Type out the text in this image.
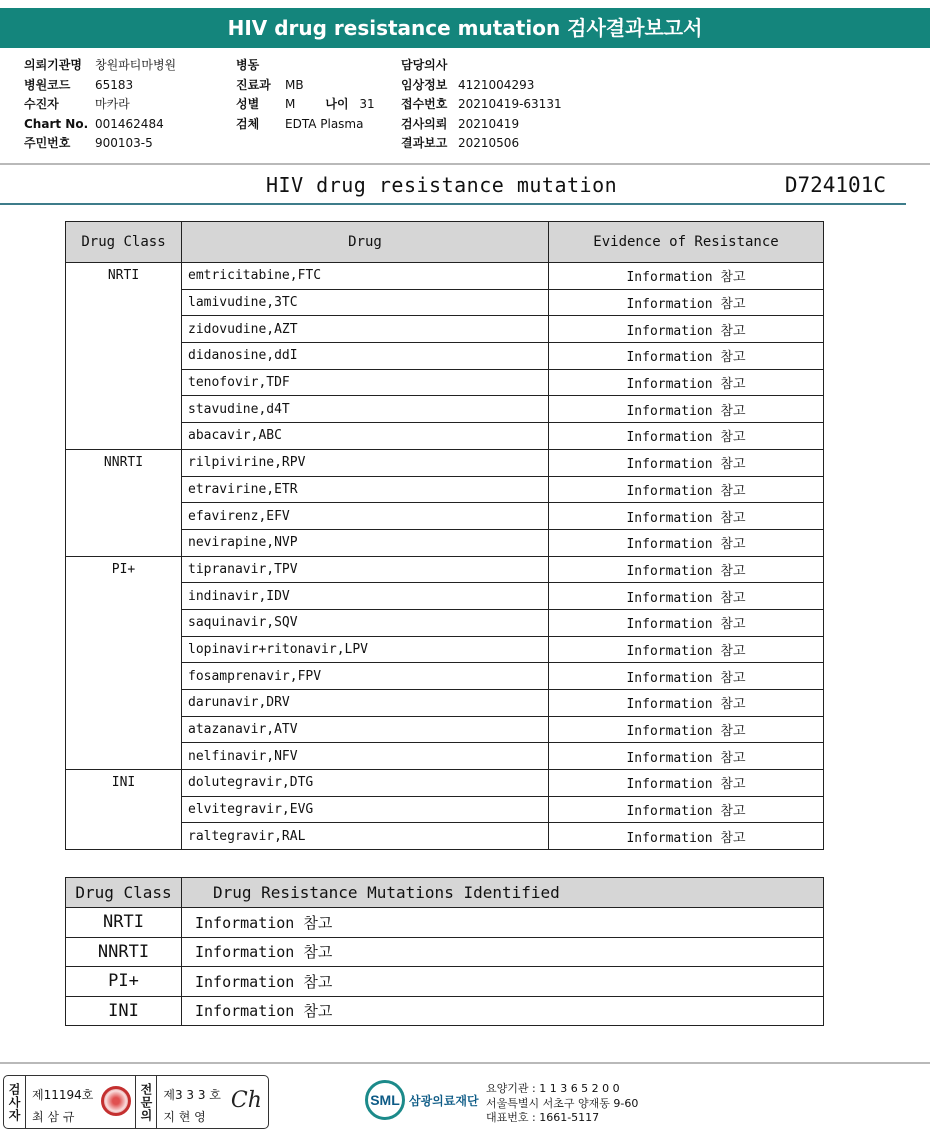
HIV drug resistance mutation 검사결과보고서
의뢰기관명	창원파티마병원
병원코드	65183
수진자	마카라
Chart No. 001462484
주민번호	900103-5
병동
진료과	MB
성별	M	나이 31
검체	EDTA Plasma
담당의사
임상정보 4121004293
접수번호 20210419-63131
검사의뢰 20210419
결과보고 20210506
HIV drug resistance mutation	D724101C
Drug Class	Drug	Evidence of Resistance
NRTI	emtricitabine,FTC	Information 참고
	lamivudine,3TC	Information 참고
	zidovudine,AZT	Information 참고
	didanosine,ddI	Information 참고
	tenofovir,TDF	Information 참고
	stavudine,d4T	Information 참고
	abacavir,ABC	Information 참고
NNRTI	rilpivirine,RPV	Information 참고
	etravirine,ETR	Information 참고
	efavirenz,EFV	Information 참고
	nevirapine,NVP	Information 참고
PI+	tipranavir,TPV	Information 참고
	indinavir,IDV	Information 참고
	saquinavir,SQV	Information 참고
	lopinavir+ritonavir,LPV	Information 참고
	fosamprenavir,FPV	Information 참고
	darunavir,DRV	Information 참고
	atazanavir,ATV	Information 참고
	nelfinavir,NFV	Information 참고
INI	dolutegravir,DTG	Information 참고
	elvitegravir,EVG	Information 참고
	raltegravir,RAL	Information 참고
Drug Class	Drug Resistance Mutations Identified
NRTI	Information 참고
NNRTI	Information 참고
PI+	Information 참고
INI	Information 참고
검사자 제11194호
최 삼 규	전문의 제3 3 3 호
지 현 영
Ch	SML 삼광의료재단
요양기관 : 1 1 3 6 5 2 0 0
서울특별시 서초구 양재동 9-60
대표번호 : 1661-5117
